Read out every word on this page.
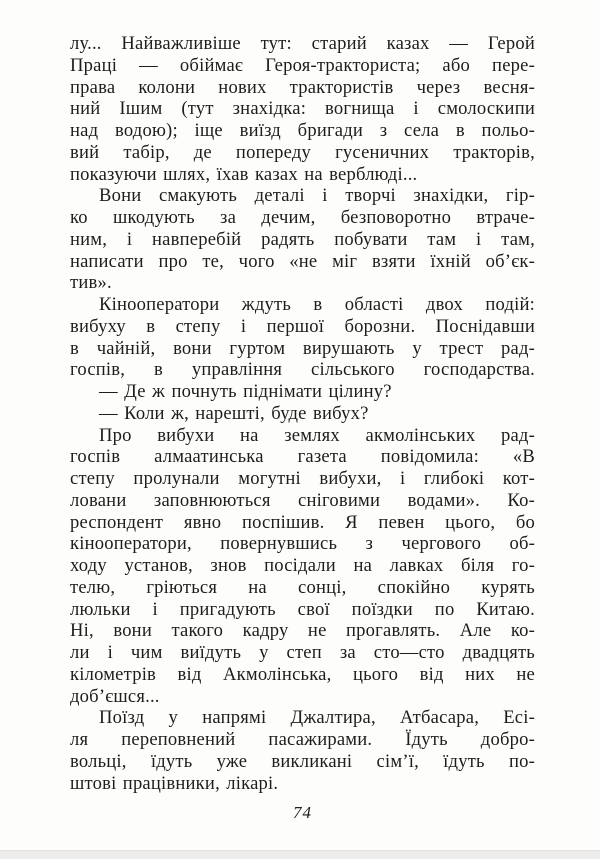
лу... Найважливіше тут: старий казах — Герой
Праці — обіймає Героя-тракториста; або пере-
права колони нових трактористів через весня-
ний Ішим (тут знахідка: вогнища і смолоскипи
над водою); іще виїзд бригади з села в польо-
вий табір, де попереду гусеничних тракторів,
показуючи шлях, їхав казах на верблюді...
Вони смакують деталі і творчі знахідки, гір-
ко шкодують за дечим, безповоротно втраче-
ним, і навперебій радять побувати там і там,
написати про те, чого «не міг взяти їхній об’єк-
тив».
Кінооператори ждуть в області двох подій:
вибуху в степу і першої борозни. Поснідавши
в чайній, вони гуртом вирушають у трест рад-
госпів, в управління сільського господарства.
— Де ж почнуть піднімати цілину?
— Коли ж, нарешті, буде вибух?
Про вибухи на землях акмолінських рад-
госпів алмаатинська газета повідомила: «В
степу пролунали могутні вибухи, і глибокі кот-
ловани заповнюються сніговими водами». Ко-
респондент явно поспішив. Я певен цього, бо
кінооператори, повернувшись з чергового об-
ходу установ, знов посідали на лавках біля го-
телю, гріються на сонці, спокійно курять
люльки і пригадують свої поїздки по Китаю.
Ні, вони такого кадру не прогавлять. Але ко-
ли і чим виїдуть у степ за сто—сто двадцять
кілометрів від Акмолінська, цього від них не
доб’єшся...
Поїзд у напрямі Джалтира, Атбасара, Есі-
ля переповнений пасажирами. Їдуть добро-
вольці, їдуть уже викликані сім’ї, їдуть по-
штові працівники, лікарі.
74
